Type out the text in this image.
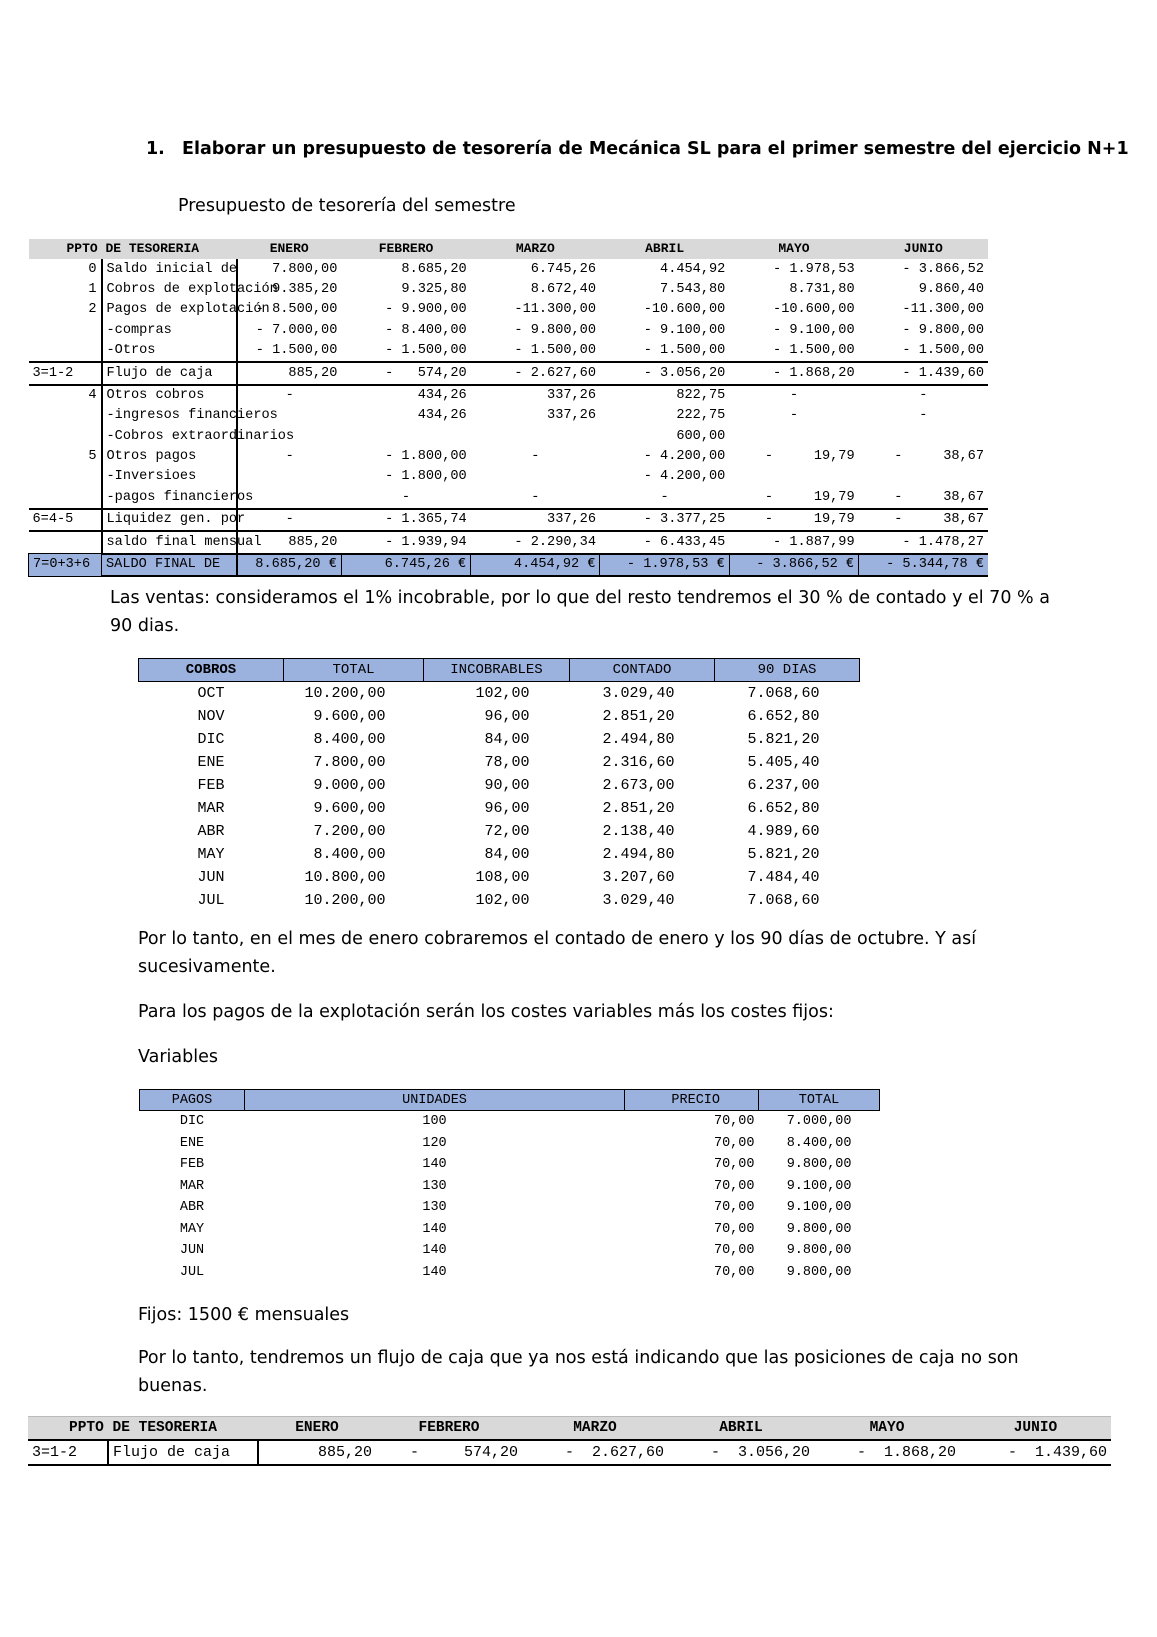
1. Elaborar un presupuesto de tesorería de Mecánica SL para el primer semestre del ejercicio N+1
Presupuesto de tesorería del semestre
PPTO DE TESORERIA		ENERO	FEBRERO	MARZO	ABRIL	MAYO	JUNIO
0	Saldo inicial de	7.800,00	8.685,20	6.745,26	4.454,92	- 1.978,53	- 3.866,52
1	Cobros de explotación	9.385,20	9.325,80	8.672,40	7.543,80	8.731,80	9.860,40
2	Pagos de explotación	- 8.500,00	- 9.900,00	-11.300,00	-10.600,00	-10.600,00	-11.300,00
	-compras	- 7.000,00	- 8.400,00	- 9.800,00	- 9.100,00	- 9.100,00	- 9.800,00
	-Otros	- 1.500,00	- 1.500,00	- 1.500,00	- 1.500,00	- 1.500,00	- 1.500,00
3=1-2	Flujo de caja	885,20	-   574,20	- 2.627,60	- 3.056,20	- 1.868,20	- 1.439,60
4	Otros cobros	-	434,26	337,26	822,75	-	-
	-ingresos financieros		434,26	337,26	222,75	-	-
	-Cobros extraordinarios				600,00		
5	Otros pagos	-	- 1.800,00	-	- 4.200,00	-     19,79	-     38,67
	-Inversioes		- 1.800,00		- 4.200,00		
	-pagos financieros		-	-	-	-     19,79	-     38,67
6=4-5	Liquidez gen. por	-	- 1.365,74	337,26	- 3.377,25	-     19,79	-     38,67
	saldo final mensual	885,20	- 1.939,94	- 2.290,34	- 6.433,45	- 1.887,99	- 1.478,27
7=0+3+6	SALDO FINAL DE	8.685,20 €	6.745,26 €	4.454,92 €	- 1.978,53 €	- 3.866,52 €	- 5.344,78 €
Las ventas: consideramos el 1% incobrable, por lo que del resto tendremos el 30 % de contado y el 70 % a 90 dias.
COBROS	TOTAL	INCOBRABLES	CONTADO	90 DIAS
OCT	10.200,00	102,00	3.029,40	7.068,60
NOV	9.600,00	96,00	2.851,20	6.652,80
DIC	8.400,00	84,00	2.494,80	5.821,20
ENE	7.800,00	78,00	2.316,60	5.405,40
FEB	9.000,00	90,00	2.673,00	6.237,00
MAR	9.600,00	96,00	2.851,20	6.652,80
ABR	7.200,00	72,00	2.138,40	4.989,60
MAY	8.400,00	84,00	2.494,80	5.821,20
JUN	10.800,00	108,00	3.207,60	7.484,40
JUL	10.200,00	102,00	3.029,40	7.068,60
Por lo tanto, en el mes de enero cobraremos el contado de enero y los 90 días de octubre. Y así sucesivamente.
Para los pagos de la explotación serán los costes variables más los costes fijos:
Variables
PAGOS	UNIDADES	PRECIO	TOTAL
DIC	100	70,00	7.000,00
ENE	120	70,00	8.400,00
FEB	140	70,00	9.800,00
MAR	130	70,00	9.100,00
ABR	130	70,00	9.100,00
MAY	140	70,00	9.800,00
JUN	140	70,00	9.800,00
JUL	140	70,00	9.800,00
Fijos: 1500 € mensuales
Por lo tanto, tendremos un flujo de caja que ya nos está indicando que las posiciones de caja no son buenas.
PPTO DE TESORERIA		ENERO	FEBRERO	MARZO	ABRIL	MAYO	JUNIO
3=1-2	Flujo de caja	885,20	-     574,20	-  2.627,60	-  3.056,20	-  1.868,20	-  1.439,60
